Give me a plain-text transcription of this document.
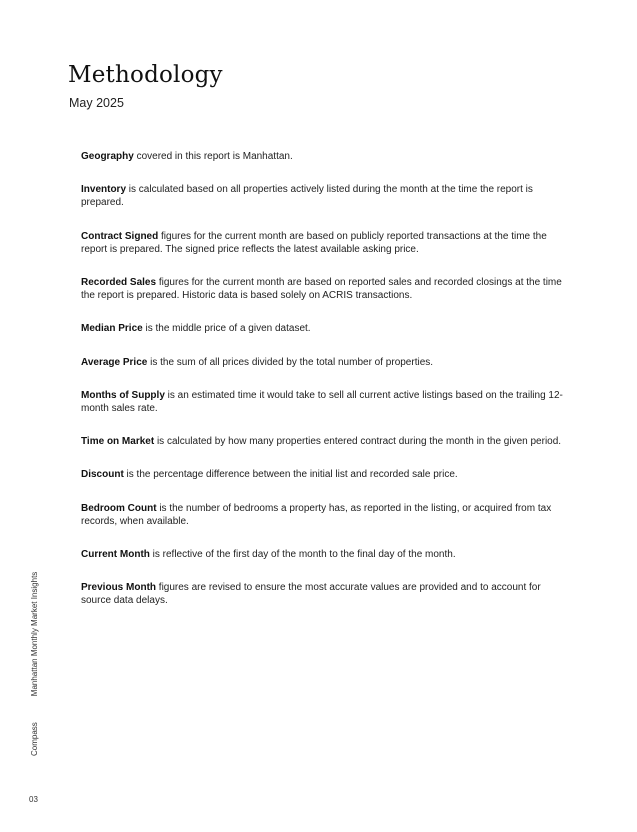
Methodology

May 2025

Geography covered in this report is Manhattan.

Inventory is calculated based on all properties actively listed during the month at the time the report is prepared.

Contract Signed figures for the current month are based on publicly reported transactions at the time the report is prepared. The signed price reflects the latest available asking price.

Recorded Sales figures for the current month are based on reported sales and recorded closings at the time the report is prepared. Historic data is based solely on ACRIS transactions.

Median Price is the middle price of a given dataset.

Average Price is the sum of all prices divided by the total number of properties.

Months of Supply is an estimated time it would take to sell all current active listings based on the trailing 12-month sales rate.

Time on Market is calculated by how many properties entered contract during the month in the given period.

Discount is the percentage difference between the initial list and recorded sale price.

Bedroom Count is the number of bedrooms a property has, as reported in the listing, or acquired from tax records, when available.

Current Month is reflective of the first day of the month to the final day of the month.

Previous Month figures are revised to ensure the most accurate values are provided and to account for source data delays.

CompassManhattan Monthly Market Insights
03
